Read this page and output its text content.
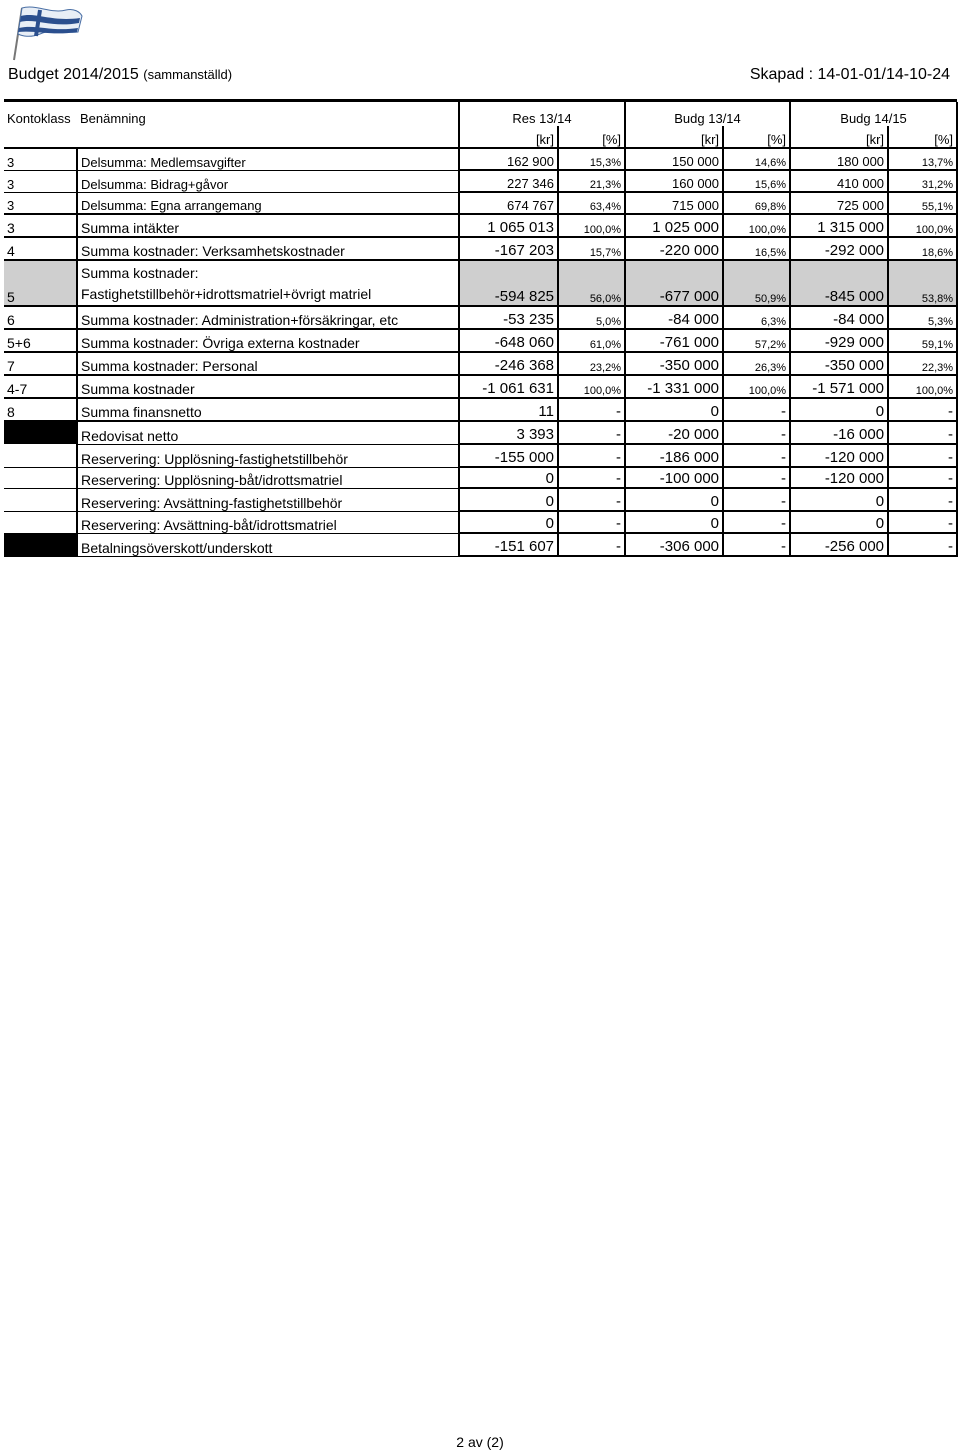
Budget 2014/2015 (sammanställd)	Skapad : 14-01-01/14-10-24
Kontoklass	Benämning	Res 13/14		Budg 13/14		Budg 14/15	
		[kr]	[%]	[kr]	[%]	[kr]	[%]
3	Delsumma: Medlemsavgifter	162 900	15,3%	150 000	14,6%	180 000	13,7%
3	Delsumma: Bidrag+gåvor	227 346	21,3%	160 000	15,6%	410 000	31,2%
3	Delsumma: Egna arrangemang	674 767	63,4%	715 000	69,8%	725 000	55,1%
3	Summa intäkter	1 065 013	100,0%	1 025 000	100,0%	1 315 000	100,0%
4	Summa kostnader: Verksamhetskostnader	-167 203	15,7%	-220 000	16,5%	-292 000	18,6%
5	Summa kostnader:
Fastighetstillbehör+idrottsmatriel+övrigt matriel	-594 825	56,0%	-677 000	50,9%	-845 000	53,8%
6	Summa kostnader: Administration+försäkringar, etc	-53 235	5,0%	-84 000	6,3%	-84 000	5,3%
5+6	Summa kostnader: Övriga externa kostnader	-648 060	61,0%	-761 000	57,2%	-929 000	59,1%
7	Summa kostnader: Personal	-246 368	23,2%	-350 000	26,3%	-350 000	22,3%
4-7	Summa kostnader	-1 061 631	100,0%	-1 331 000	100,0%	-1 571 000	100,0%
8	Summa finansnetto	11	-	0	-	0	-
	Redovisat netto	3 393	-	-20 000	-	-16 000	-
	Reservering: Upplösning-fastighetstillbehör	-155 000	-	-186 000	-	-120 000	-
	Reservering: Upplösning-båt/idrottsmatriel	0	-	-100 000	-	-120 000	-
	Reservering: Avsättning-fastighetstillbehör	0	-	0	-	0	-
	Reservering: Avsättning-båt/idrottsmatriel	0	-	0	-	0	-
	Betalningsöverskott/underskott	-151 607	-	-306 000	-	-256 000	-
2 av (2)
